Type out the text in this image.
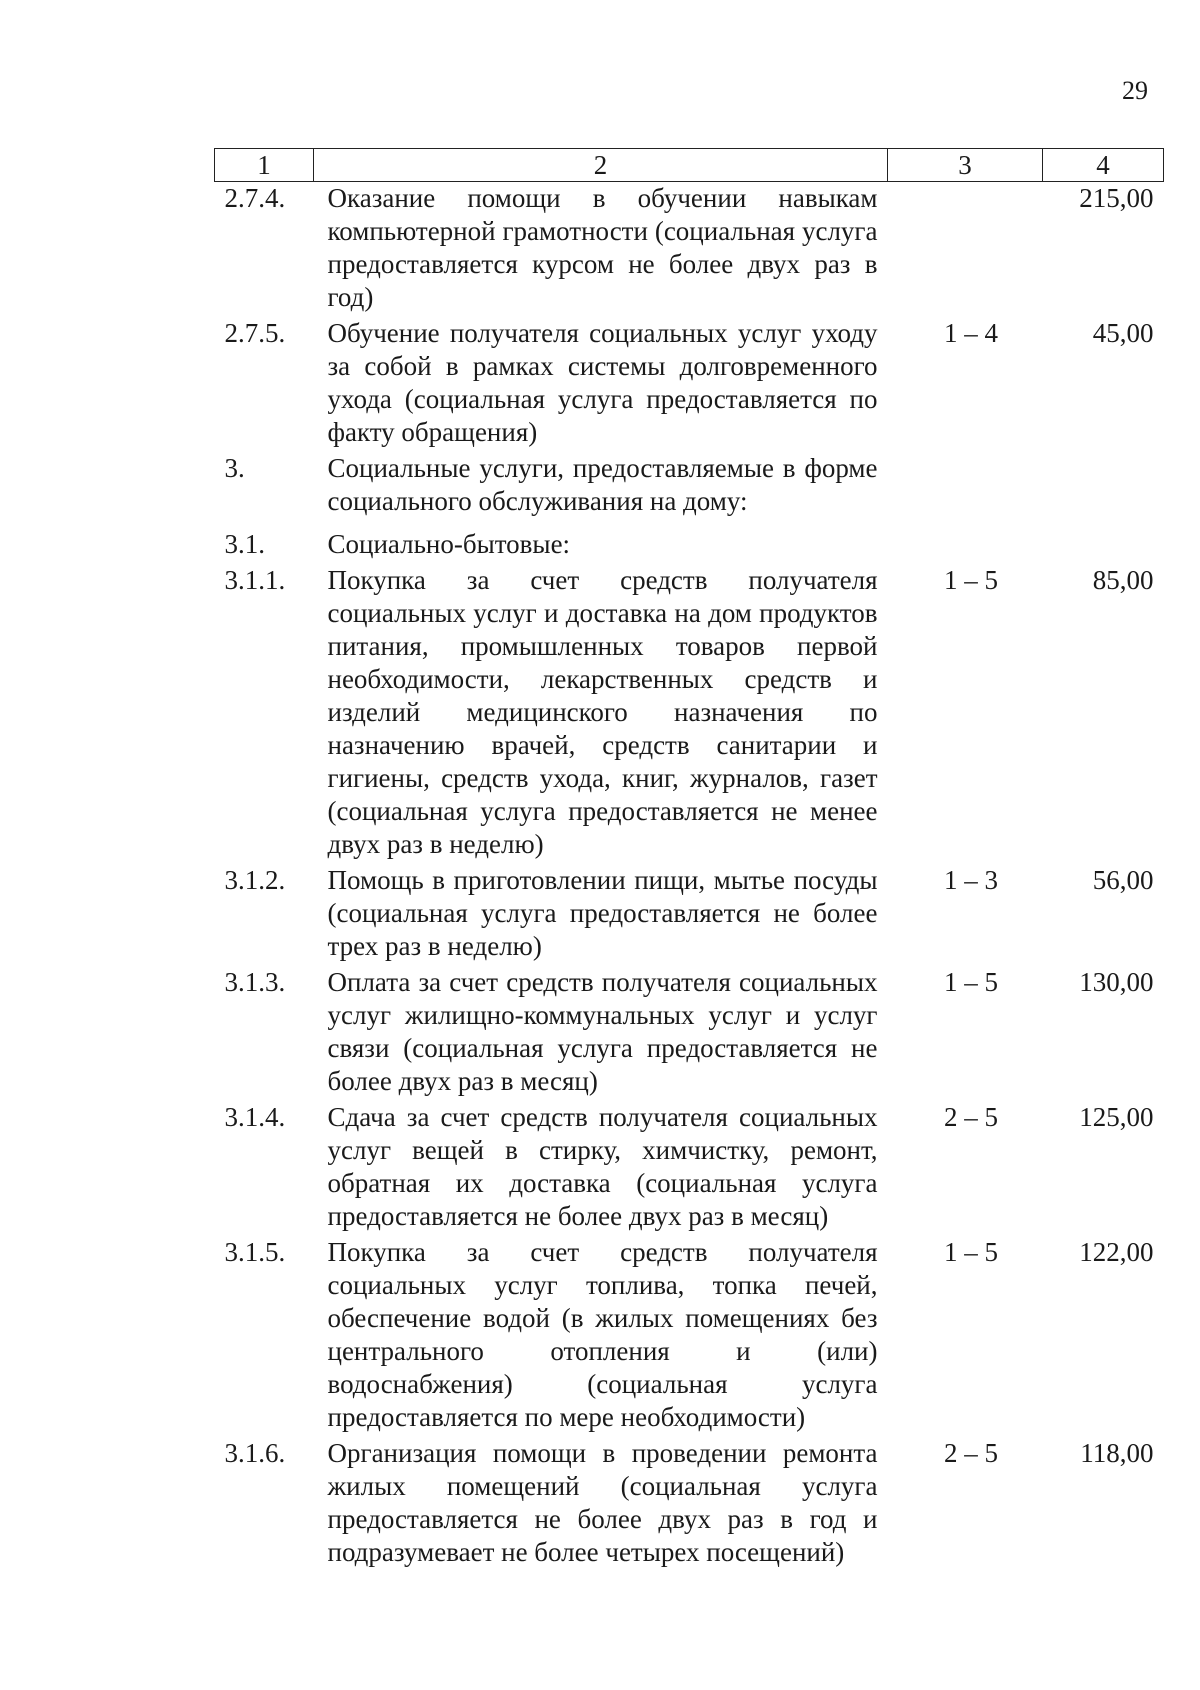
29
1	2	3	4
2.7.4.	Оказание помощи в обучении навыкам компьютерной грамотности (социальная услуга предоставляется курсом не более двух раз в год)		215,00
2.7.5.	Обучение получателя социальных услуг уходу за собой в рамках системы долговременного ухода (социальная услуга предоставляется по факту обращения)	1 – 4	45,00
3.	Социальные услуги, предоставляемые в форме социального обслуживания на дому:		
3.1.	Социально-бытовые:		
3.1.1.	Покупка за счет средств получателя социальных услуг и доставка на дом продуктов питания, промышленных товаров первой необходимости, лекарственных средств и изделий медицинского назначения по назначению врачей, средств санитарии и гигиены, средств ухода, книг, журналов, газет (социальная услуга предоставляется не менее двух раз в неделю)	1 – 5	85,00
3.1.2.	Помощь в приготовлении пищи, мытье посуды (социальная услуга предоставляется не более трех раз в неделю)	1 – 3	56,00
3.1.3.	Оплата за счет средств получателя социальных услуг жилищно-коммунальных услуг и услуг связи (социальная услуга предоставляется не более двух раз в месяц)	1 – 5	130,00
3.1.4.	Сдача за счет средств получателя социальных услуг вещей в стирку, химчистку, ремонт, обратная их доставка (социальная услуга предоставляется не более двух раз в месяц)	2 – 5	125,00
3.1.5.	Покупка за счет средств получателя социальных услуг топлива, топка печей, обеспечение водой (в жилых помещениях без центрального отопления и (или) водоснабжения) (социальная услуга предоставляется по мере необходимости)	1 – 5	122,00
3.1.6.	Организация помощи в проведении ремонта жилых помещений (социальная услуга предоставляется не более двух раз в год и подразумевает не более четырех посещений)	2 – 5	118,00
